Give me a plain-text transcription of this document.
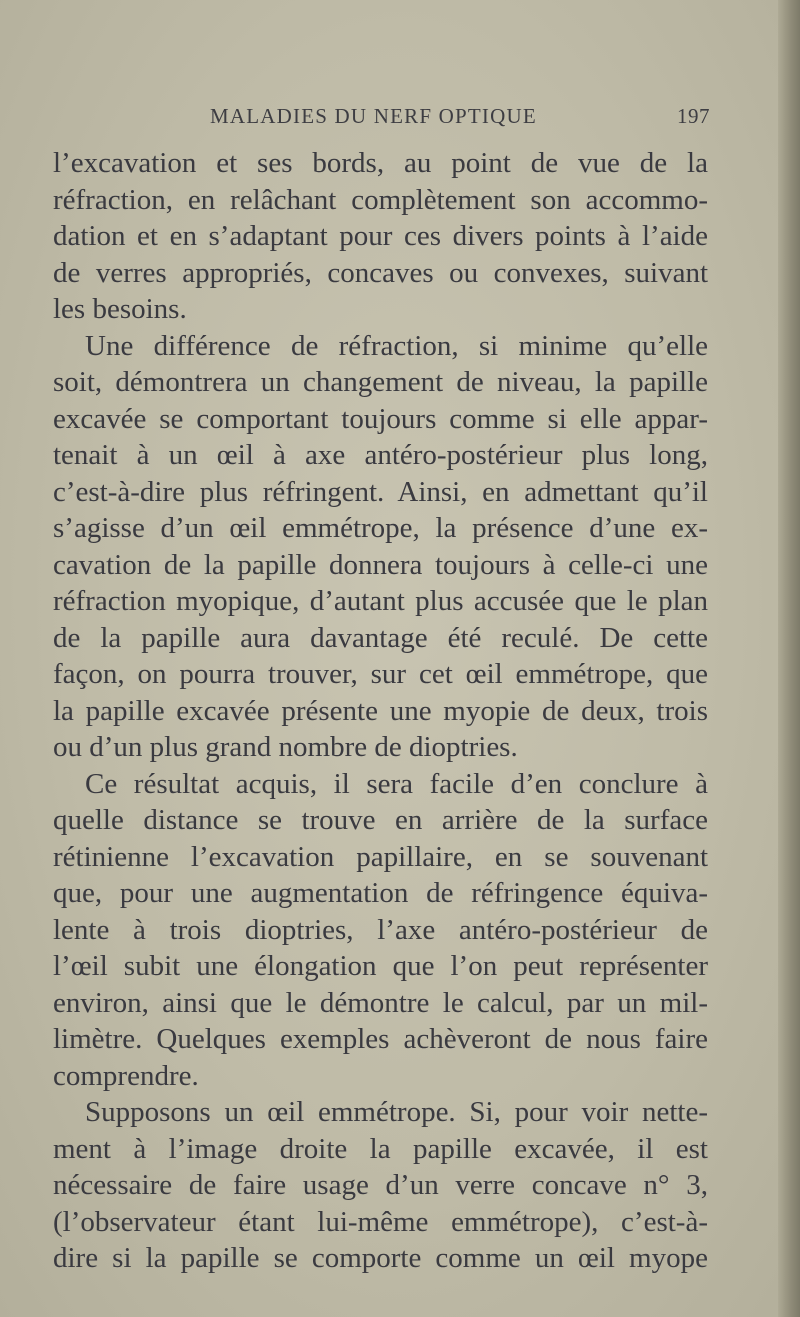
MALADIES DU NERF OPTIQUE	197
l’excavation et ses bords, au point de vue de la
réfraction, en relâchant complètement son accommo-
dation et en s’adaptant pour ces divers points à l’aide
de verres appropriés, concaves ou convexes, suivant
les besoins.
Une différence de réfraction, si minime qu’elle
soit, démontrera un changement de niveau, la papille
excavée se comportant toujours comme si elle appar-
tenait à un œil à axe antéro-postérieur plus long,
c’est-à-dire plus réfringent. Ainsi, en admettant qu’il
s’agisse d’un œil emmétrope, la présence d’une ex-
cavation de la papille donnera toujours à celle-ci une
réfraction myopique, d’autant plus accusée que le plan
de la papille aura davantage été reculé. De cette
façon, on pourra trouver, sur cet œil emmétrope, que
la papille excavée présente une myopie de deux, trois
ou d’un plus grand nombre de dioptries.
Ce résultat acquis, il sera facile d’en conclure à
quelle distance se trouve en arrière de la surface
rétinienne l’excavation papillaire, en se souvenant
que, pour une augmentation de réfringence équiva-
lente à trois dioptries, l’axe antéro-postérieur de
l’œil subit une élongation que l’on peut représenter
environ, ainsi que le démontre le calcul, par un mil-
limètre. Quelques exemples achèveront de nous faire
comprendre.
Supposons un œil emmétrope. Si, pour voir nette-
ment à l’image droite la papille excavée, il est
nécessaire de faire usage d’un verre concave n° 3,
(l’observateur étant lui-même emmétrope), c’est-à-
dire si la papille se comporte comme un œil myope
